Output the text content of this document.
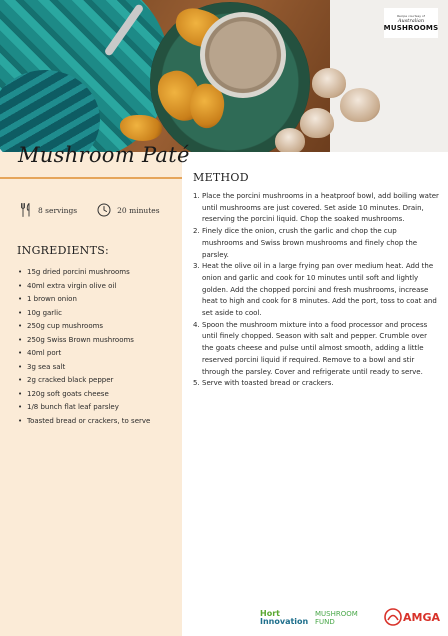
Recipe courtesy of
Australian
MUSHROOMS
Mushroom Paté
8 servings	20 minutes
INGREDIENTS:
• 15g dried porcini mushrooms
• 40ml extra virgin olive oil
• 1 brown onion
• 10g garlic
• 250g cup mushrooms
• 250g Swiss Brown mushrooms
• 40ml port
• 3g sea salt
• 2g cracked black pepper
• 120g soft goats cheese
• 1/8 bunch flat leaf parsley
• Toasted bread or crackers, to serve
METHOD
1. Place the porcini mushrooms in a heatproof bowl, add boiling water until mushrooms are just covered. Set aside 10 minutes. Drain, reserving the porcini liquid. Chop the soaked mushrooms.
2. Finely dice the onion, crush the garlic and chop the cup mushrooms and Swiss brown mushrooms and finely chop the parsley.
3. Heat the olive oil in a large frying pan over medium heat. Add the onion and garlic and cook for 10 minutes until soft and lightly golden. Add the chopped porcini and fresh mushrooms, increase heat to high and cook for 8 minutes. Add the port, toss to coat and set aside to cool.
4. Spoon the mushroom mixture into a food processor and process until finely chopped. Season with salt and pepper. Crumble over the goats cheese and pulse until almost smooth, adding a little reserved porcini liquid if required. Remove to a bowl and stir through the parsley. Cover and refrigerate until ready to serve.
5. Serve with toasted bread or crackers.
Hort
Innovation
MUSHROOM
FUND	AMGA
